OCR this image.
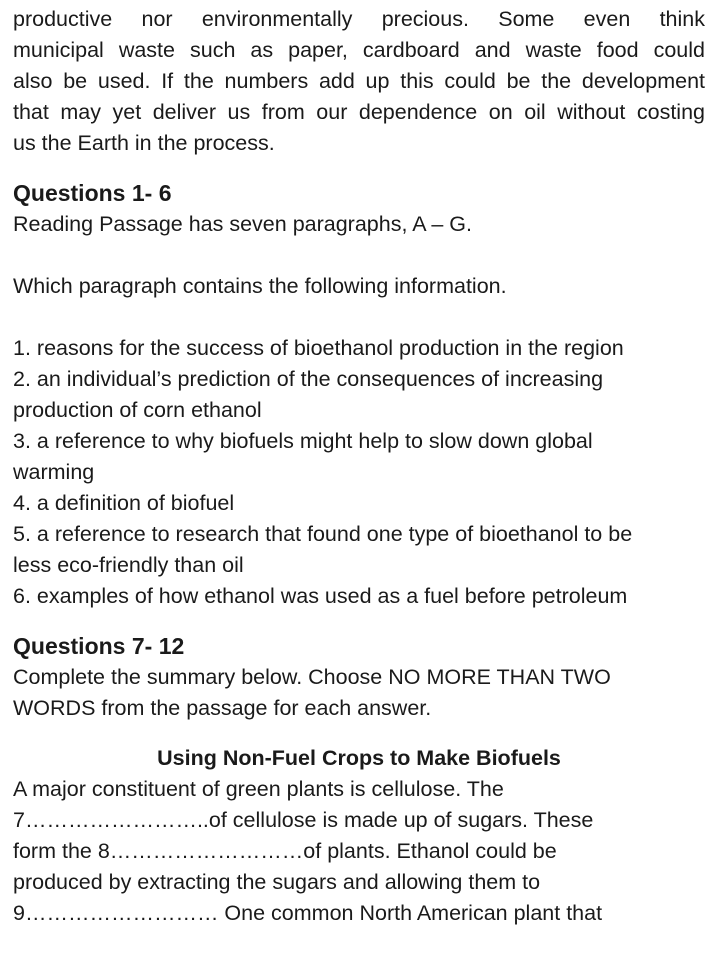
productive nor environmentally precious. Some even think
municipal waste such as paper, cardboard and waste food could
also be used. If the numbers add up this could be the development
that may yet deliver us from our dependence on oil without costing
us the Earth in the process.
Questions 1- 6
Reading Passage has seven paragraphs, A – G.
Which paragraph contains the following information.
1. reasons for the success of bioethanol production in the region
2. an individual’s prediction of the consequences of increasing
production of corn ethanol
3. a reference to why biofuels might help to slow down global
warming
4. a definition of biofuel
5. a reference to research that found one type of bioethanol to be
less eco-friendly than oil
6. examples of how ethanol was used as a fuel before petroleum
Questions 7- 12
Complete the summary below. Choose NO MORE THAN TWO
WORDS from the passage for each answer.
Using Non-Fuel Crops to Make Biofuels
A major constituent of green plants is cellulose. The
7……………………..of cellulose is made up of sugars. These
form the 8………………………of plants. Ethanol could be
produced by extracting the sugars and allowing them to
9……………………… One common North American plant that
